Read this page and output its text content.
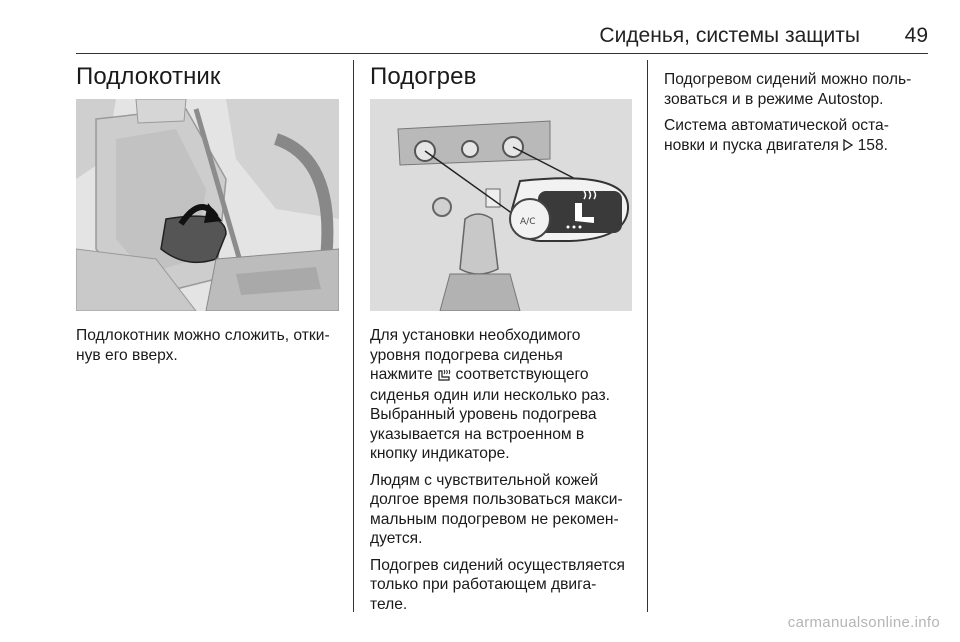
Сиденья, системы защиты	49
Подлокотник

Подлокотник можно сложить, отки-
нув его вверх.

Подогрев
A/C

Для установки необходимого
уровня подогрева сиденья
нажмите  соответствующего
сиденья один или несколько раз.
Выбранный уровень подогрева
указывается на встроенном в
кнопку индикаторе.

Людям с чувствительной кожей
долгое время пользоваться макси-
мальным подогревом не рекомен-
дуется.

Подогрев сидений осуществляется
только при работающем двига-
теле.

Подогревом сидений можно поль-
зоваться и в режиме Autostop.

Система автоматической оста-
новки и пуска двигателя  158.

carmanualsonline.info
